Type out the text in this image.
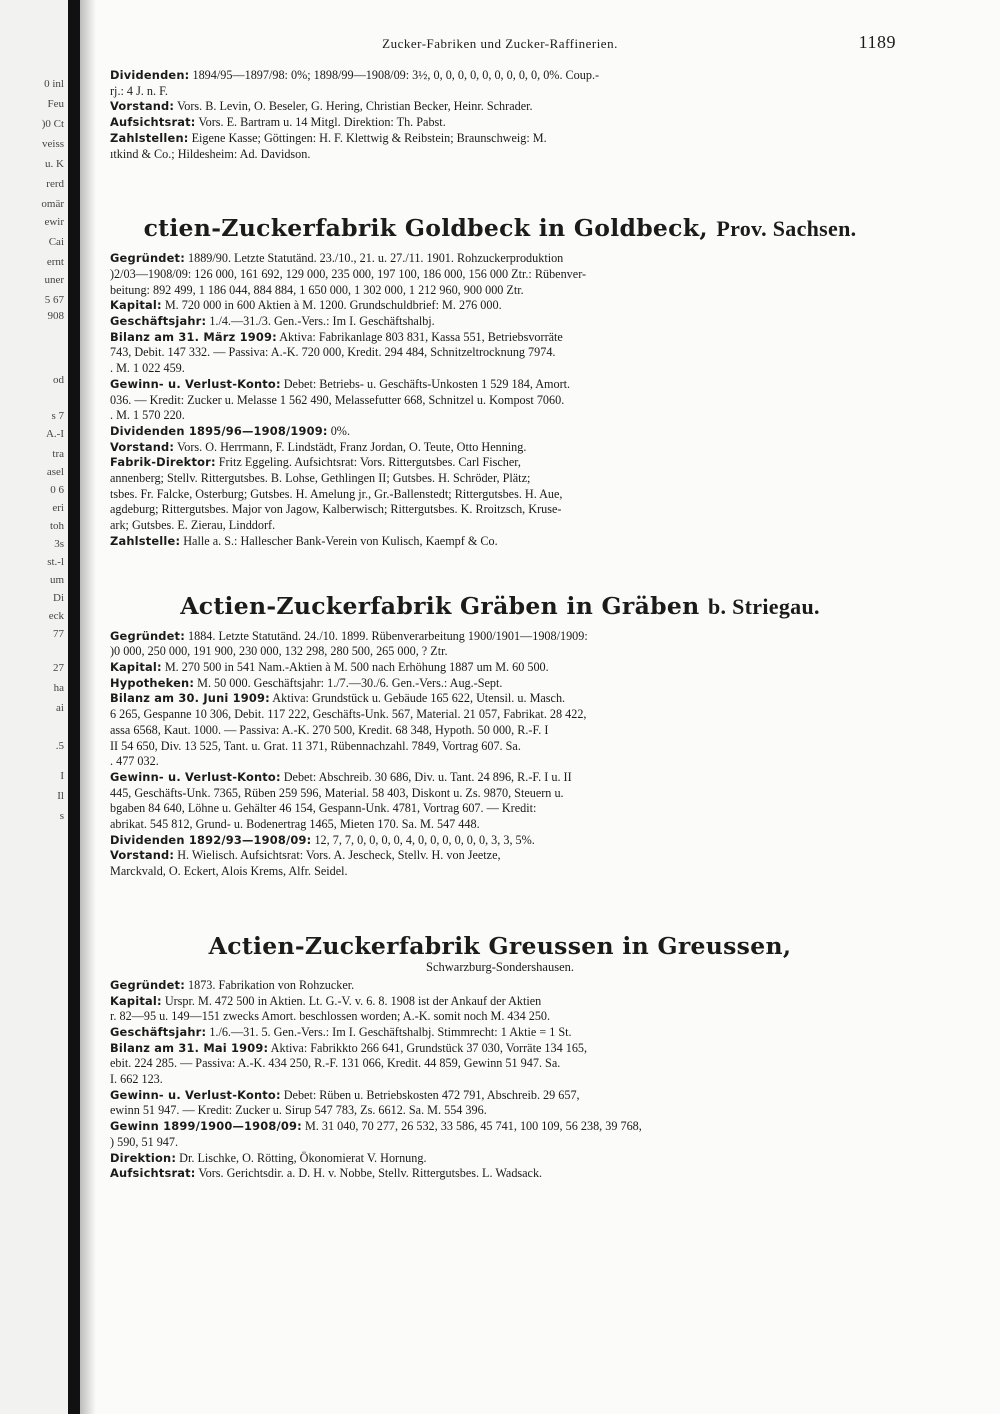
0 inl
Feu
)0 Ct
veiss
u. K
rerd
omär
ewir
Cai
ernt
uner
5 67
908
od
s 7
A.-I
tra
asel
0 6
eri
toh
3s
st.-l
um
Di
eck
77
27
ha
ai
.5
I
Il
s
Zucker-Fabriken und Zucker-Raffinerien.	1189

Dividenden: 1894/95—1897/98: 0%; 1898/99—1908/09: 3½, 0, 0, 0, 0, 0, 0, 0, 0, 0, 0%. Coup.-

rj.: 4 J. n. F.

Vorstand: Vors. B. Levin, O. Beseler, G. Hering, Christian Becker, Heinr. Schrader.

Aufsichtsrat: Vors. E. Bartram u. 14 Mitgl. Direktion: Th. Pabst.

Zahlstellen: Eigene Kasse; Göttingen: H. F. Klettwig & Reibstein; Braunschweig: M.

ıtkind & Co.; Hildesheim: Ad. Davidson.

ctien-Zuckerfabrik Goldbeck in Goldbeck, Prov. Sachsen.

Gegründet: 1889/90. Letzte Statutänd. 23./10., 21. u. 27./11. 1901. Rohzuckerproduktion

)2/03—1908/09: 126 000, 161 692, 129 000, 235 000, 197 100, 186 000, 156 000 Ztr.: Rübenver-

beitung: 892 499, 1 186 044, 884 884, 1 650 000, 1 302 000, 1 212 960, 900 000 Ztr.

Kapital: M. 720 000 in 600 Aktien à M. 1200. Grundschuldbrief: M. 276 000.

Geschäftsjahr: 1./4.—31./3. Gen.-Vers.: Im I. Geschäftshalbj.

Bilanz am 31. März 1909: Aktiva: Fabrikanlage 803 831, Kassa 551, Betriebsvorräte

743, Debit. 147 332. — Passiva: A.-K. 720 000, Kredit. 294 484, Schnitzeltrocknung 7974.

. M. 1 022 459.

Gewinn- u. Verlust-Konto: Debet: Betriebs- u. Geschäfts-Unkosten 1 529 184, Amort.

036. — Kredit: Zucker u. Melasse 1 562 490, Melassefutter 668, Schnitzel u. Kompost 7060.

. M. 1 570 220.

Dividenden 1895/96—1908/1909: 0%.

Vorstand: Vors. O. Herrmann, F. Lindstädt, Franz Jordan, O. Teute, Otto Henning.

Fabrik-Direktor: Fritz Eggeling. Aufsichtsrat: Vors. Rittergutsbes. Carl Fischer,

annenberg; Stellv. Rittergutsbes. B. Lohse, Gethlingen II; Gutsbes. H. Schröder, Plätz;

tsbes. Fr. Falcke, Osterburg; Gutsbes. H. Amelung jr., Gr.-Ballenstedt; Rittergutsbes. H. Aue,

agdeburg; Rittergutsbes. Major von Jagow, Kalberwisch; Rittergutsbes. K. Rroitzsch, Kruse-

ark; Gutsbes. E. Zierau, Linddorf.

Zahlstelle: Halle a. S.: Hallescher Bank-Verein von Kulisch, Kaempf & Co.

Actien-Zuckerfabrik Gräben in Gräben b. Striegau.

Gegründet: 1884. Letzte Statutänd. 24./10. 1899. Rübenverarbeitung 1900/1901—1908/1909:

)0 000, 250 000, 191 900, 230 000, 132 298, 280 500, 265 000, ? Ztr.

Kapital: M. 270 500 in 541 Nam.-Aktien à M. 500 nach Erhöhung 1887 um M. 60 500.

Hypotheken: M. 50 000. Geschäftsjahr: 1./7.—30./6. Gen.-Vers.: Aug.-Sept.

Bilanz am 30. Juni 1909: Aktiva: Grundstück u. Gebäude 165 622, Utensil. u. Masch.

6 265, Gespanne 10 306, Debit. 117 222, Geschäfts-Unk. 567, Material. 21 057, Fabrikat. 28 422,

assa 6568, Kaut. 1000. — Passiva: A.-K. 270 500, Kredit. 68 348, Hypoth. 50 000, R.-F. I

II 54 650, Div. 13 525, Tant. u. Grat. 11 371, Rübennachzahl. 7849, Vortrag 607. Sa.

. 477 032.

Gewinn- u. Verlust-Konto: Debet: Abschreib. 30 686, Div. u. Tant. 24 896, R.-F. I u. II

445, Geschäfts-Unk. 7365, Rüben 259 596, Material. 58 403, Diskont u. Zs. 9870, Steuern u.

bgaben 84 640, Löhne u. Gehälter 46 154, Gespann-Unk. 4781, Vortrag 607. — Kredit:

abrikat. 545 812, Grund- u. Bodenertrag 1465, Mieten 170. Sa. M. 547 448.

Dividenden 1892/93—1908/09: 12, 7, 7, 0, 0, 0, 0, 4, 0, 0, 0, 0, 0, 0, 3, 3, 5%.

Vorstand: H. Wielisch. Aufsichtsrat: Vors. A. Jescheck, Stellv. H. von Jeetze,

Marckvald, O. Eckert, Alois Krems, Alfr. Seidel.

Actien-Zuckerfabrik Greussen in Greussen,
Schwarzburg-Sondershausen.

Gegründet: 1873. Fabrikation von Rohzucker.

Kapital: Urspr. M. 472 500 in Aktien. Lt. G.-V. v. 6. 8. 1908 ist der Ankauf der Aktien

r. 82—95 u. 149—151 zwecks Amort. beschlossen worden; A.-K. somit noch M. 434 250.

Geschäftsjahr: 1./6.—31. 5. Gen.-Vers.: Im I. Geschäftshalbj. Stimmrecht: 1 Aktie = 1 St.

Bilanz am 31. Mai 1909: Aktiva: Fabrikkto 266 641, Grundstück 37 030, Vorräte 134 165,

ebit. 224 285. — Passiva: A.-K. 434 250, R.-F. 131 066, Kredit. 44 859, Gewinn 51 947. Sa.

I. 662 123.

Gewinn- u. Verlust-Konto: Debet: Rüben u. Betriebskosten 472 791, Abschreib. 29 657,

ewinn 51 947. — Kredit: Zucker u. Sirup 547 783, Zs. 6612. Sa. M. 554 396.

Gewinn 1899/1900—1908/09: M. 31 040, 70 277, 26 532, 33 586, 45 741, 100 109, 56 238, 39 768,

) 590, 51 947.

Direktion: Dr. Lischke, O. Rötting, Ökonomierat V. Hornung.

Aufsichtsrat: Vors. Gerichtsdir. a. D. H. v. Nobbe, Stellv. Rittergutsbes. L. Wadsack.
